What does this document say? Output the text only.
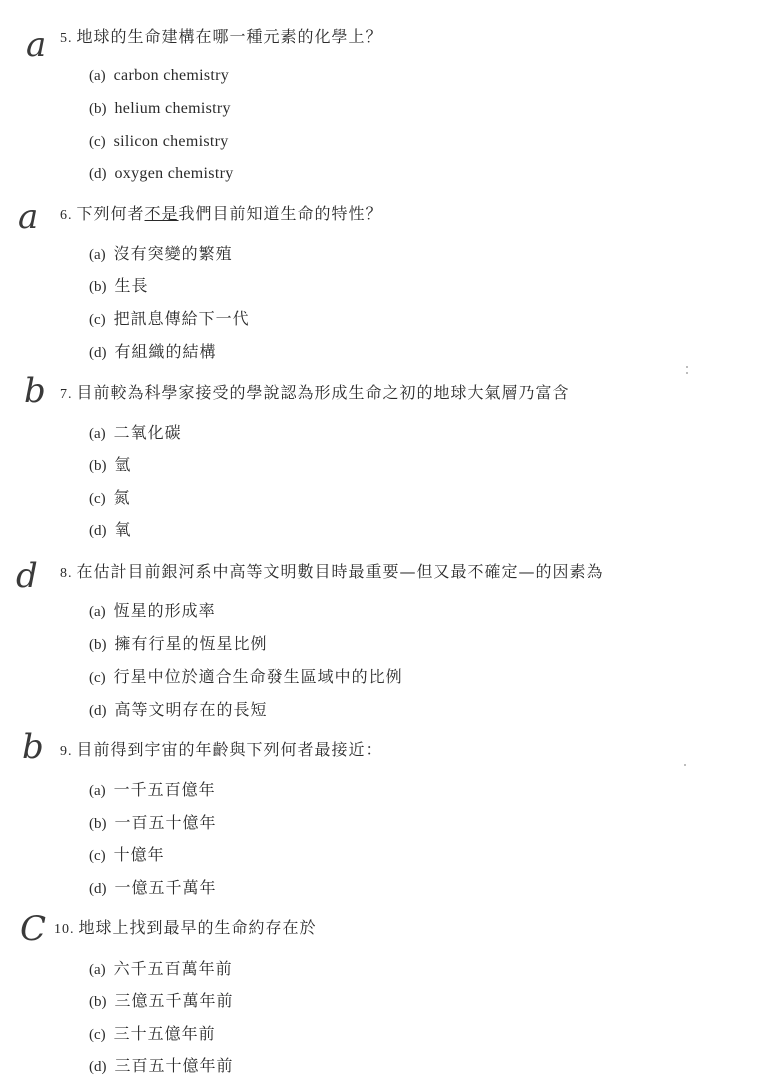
a 5. 地球的生命建構在哪一種元素的化學上？
(a) carbon chemistry
(b) helium chemistry
(c) silicon chemistry
(d) oxygen chemistry
a 6. 下列何者不是我們目前知道生命的特性？
(a) 沒有突變的繁殖
(b) 生長
(c) 把訊息傳給下一代
(d) 有組織的結構
b 7. 目前較為科學家接受的學說認為形成生命之初的地球大氣層乃富含
(a) 二氧化碳
(b) 氫
(c) 氮
(d) 氧
d 8. 在估計目前銀河系中高等文明數目時最重要—但又最不確定—的因素為
(a) 恆星的形成率
(b) 擁有行星的恆星比例
(c) 行星中位於適合生命發生區域中的比例
(d) 高等文明存在的長短
b 9. 目前得到宇宙的年齡與下列何者最接近：
(a) 一千五百億年
(b) 一百五十億年
(c) 十億年
(d) 一億五千萬年
C 10. 地球上找到最早的生命約存在於
(a) 六千五百萬年前
(b) 三億五千萬年前
(c) 三十五億年前
(d) 三百五十億年前
